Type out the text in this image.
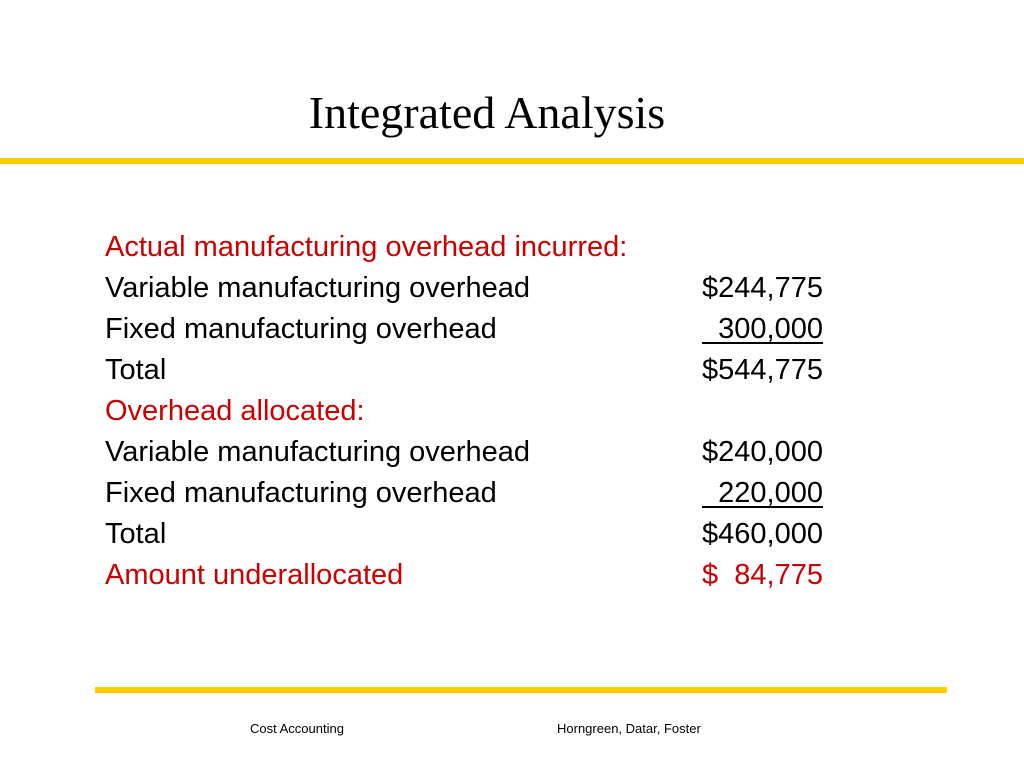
Integrated Analysis
Actual manufacturing overhead incurred:
Variable manufacturing overhead	$244,775
Fixed manufacturing overhead	300,000
Total	$544,775
Overhead allocated:
Variable manufacturing overhead	$240,000
Fixed manufacturing overhead	220,000
Total	$460,000
Amount underallocated	$  84,775
Cost Accounting	Horngreen, Datar, Foster
